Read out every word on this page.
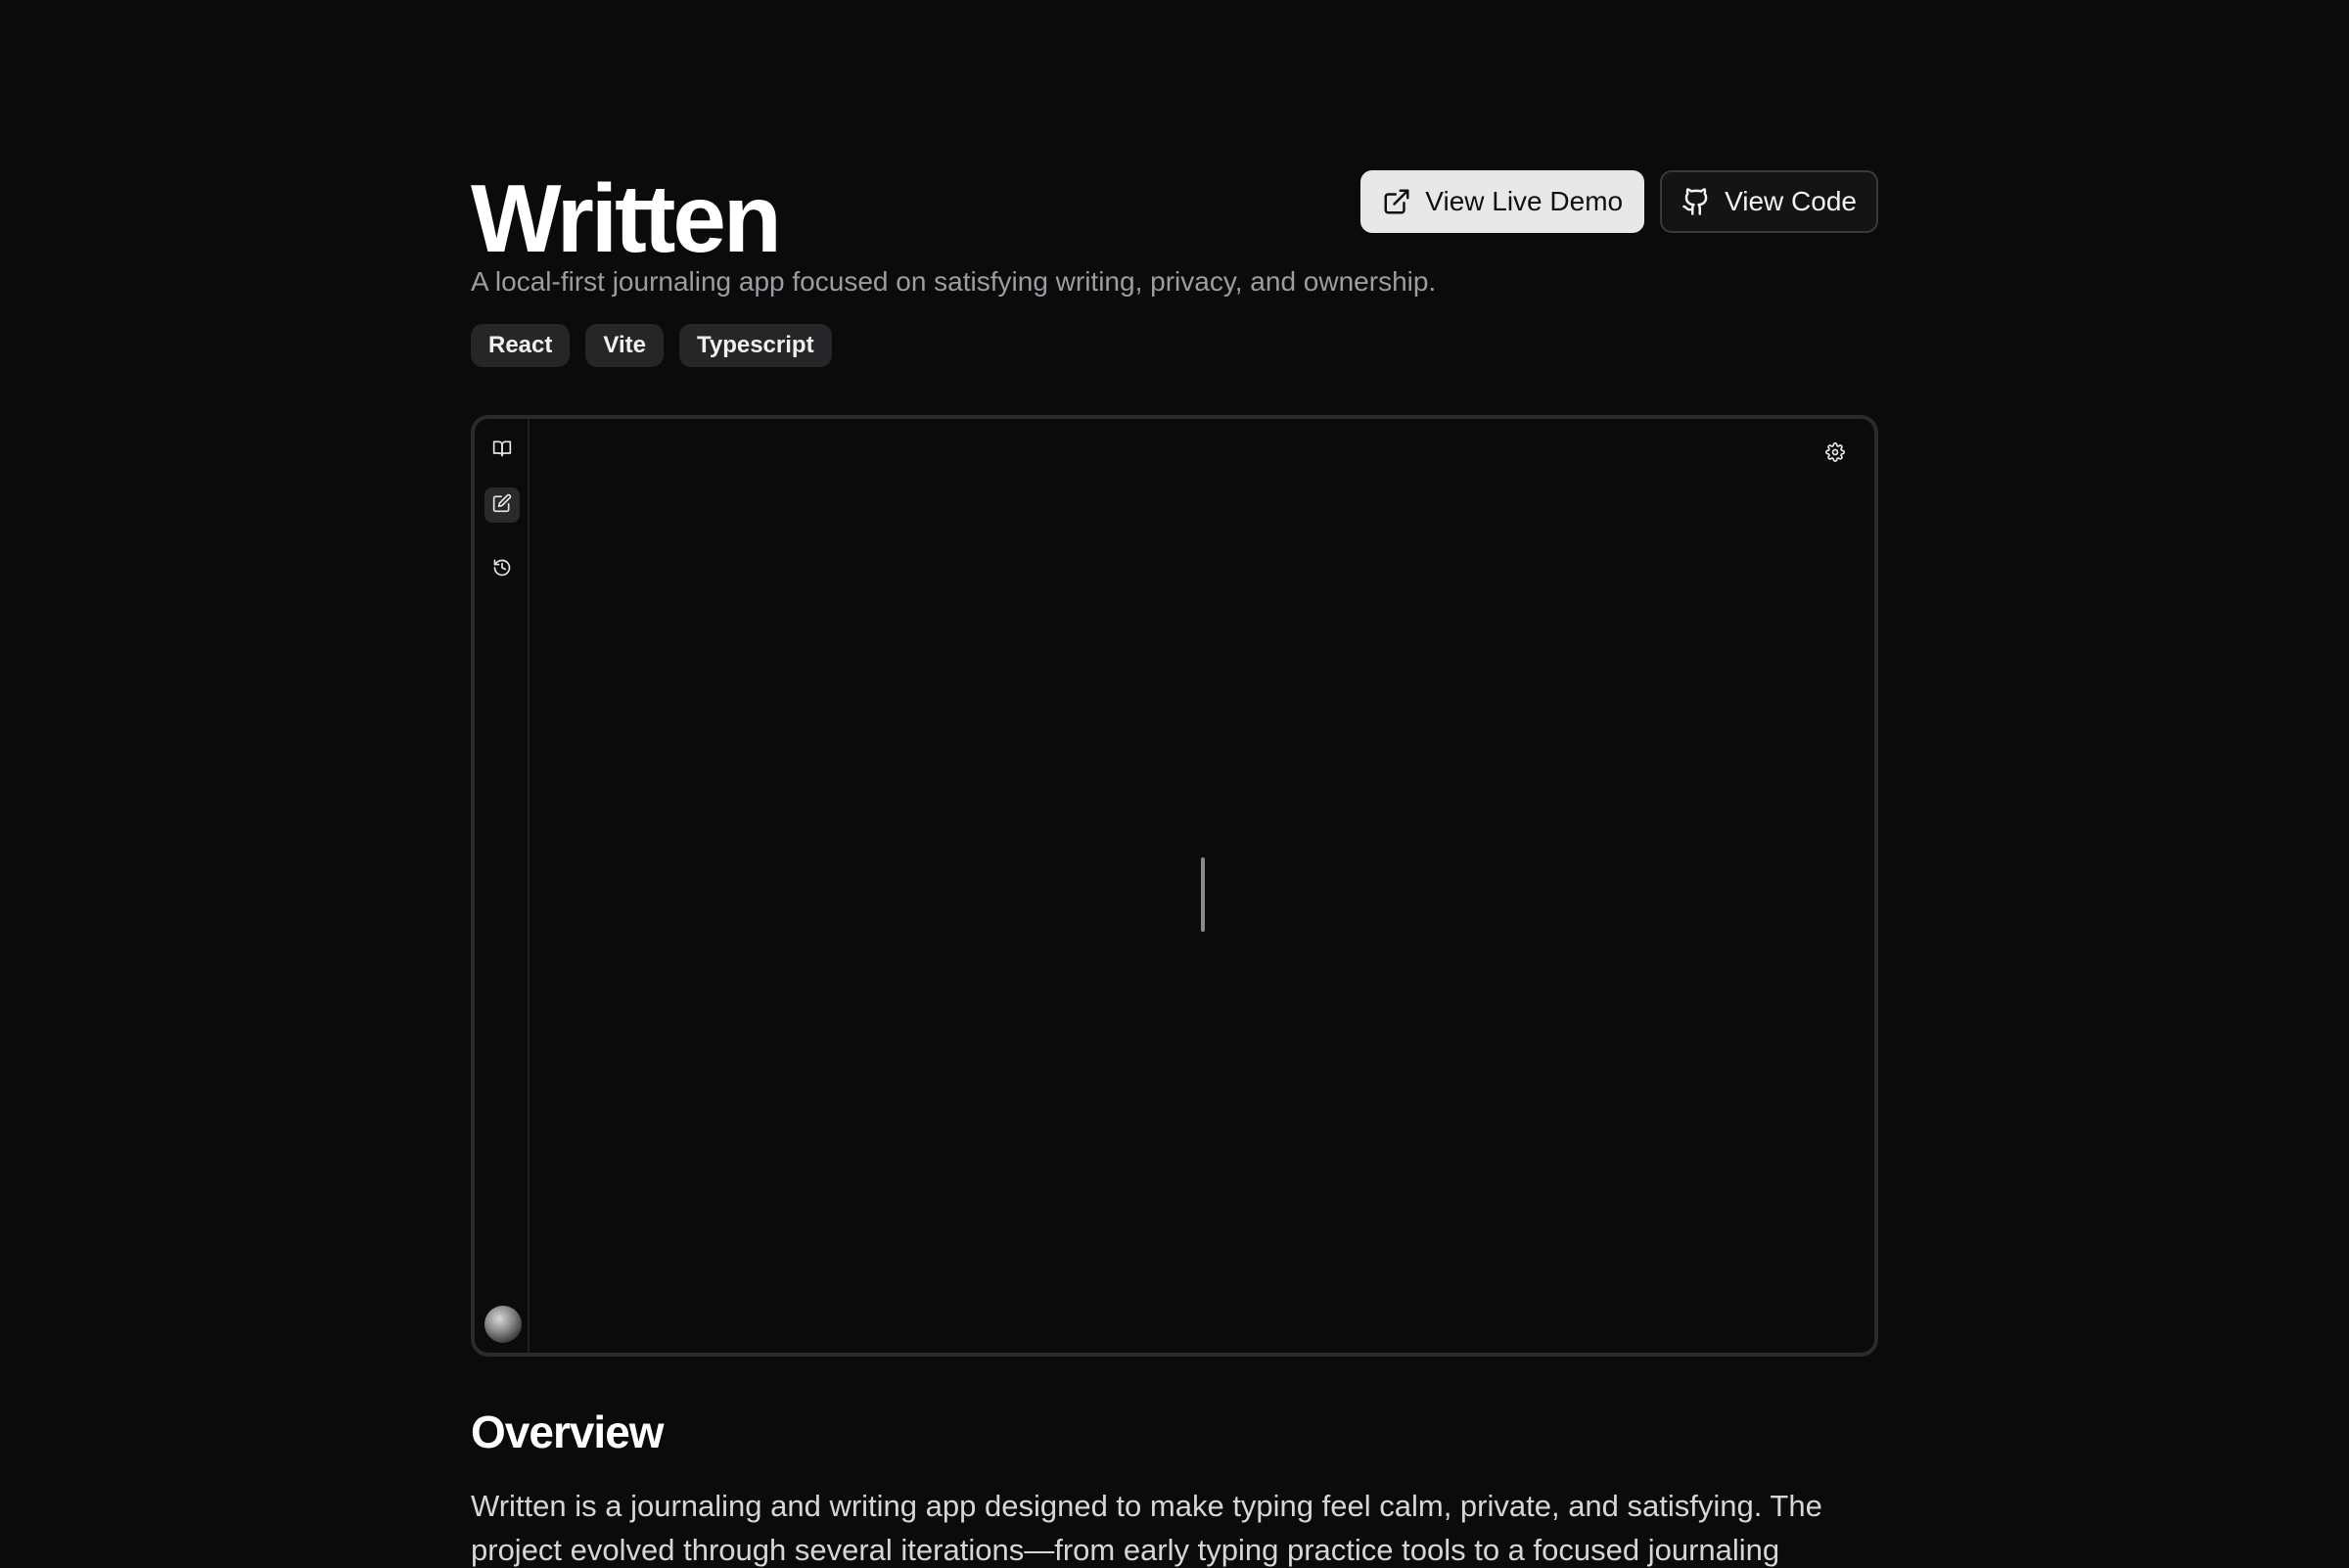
Written	View Live Demo	View Code

A local-first journaling app focused on satisfying writing, privacy, and ownership.

React	Vite	Typescript
Overview

Written is a journaling and writing app designed to make typing feel calm, private, and satisfying. The project evolved through several iterations—from early typing practice tools to a focused journaling
